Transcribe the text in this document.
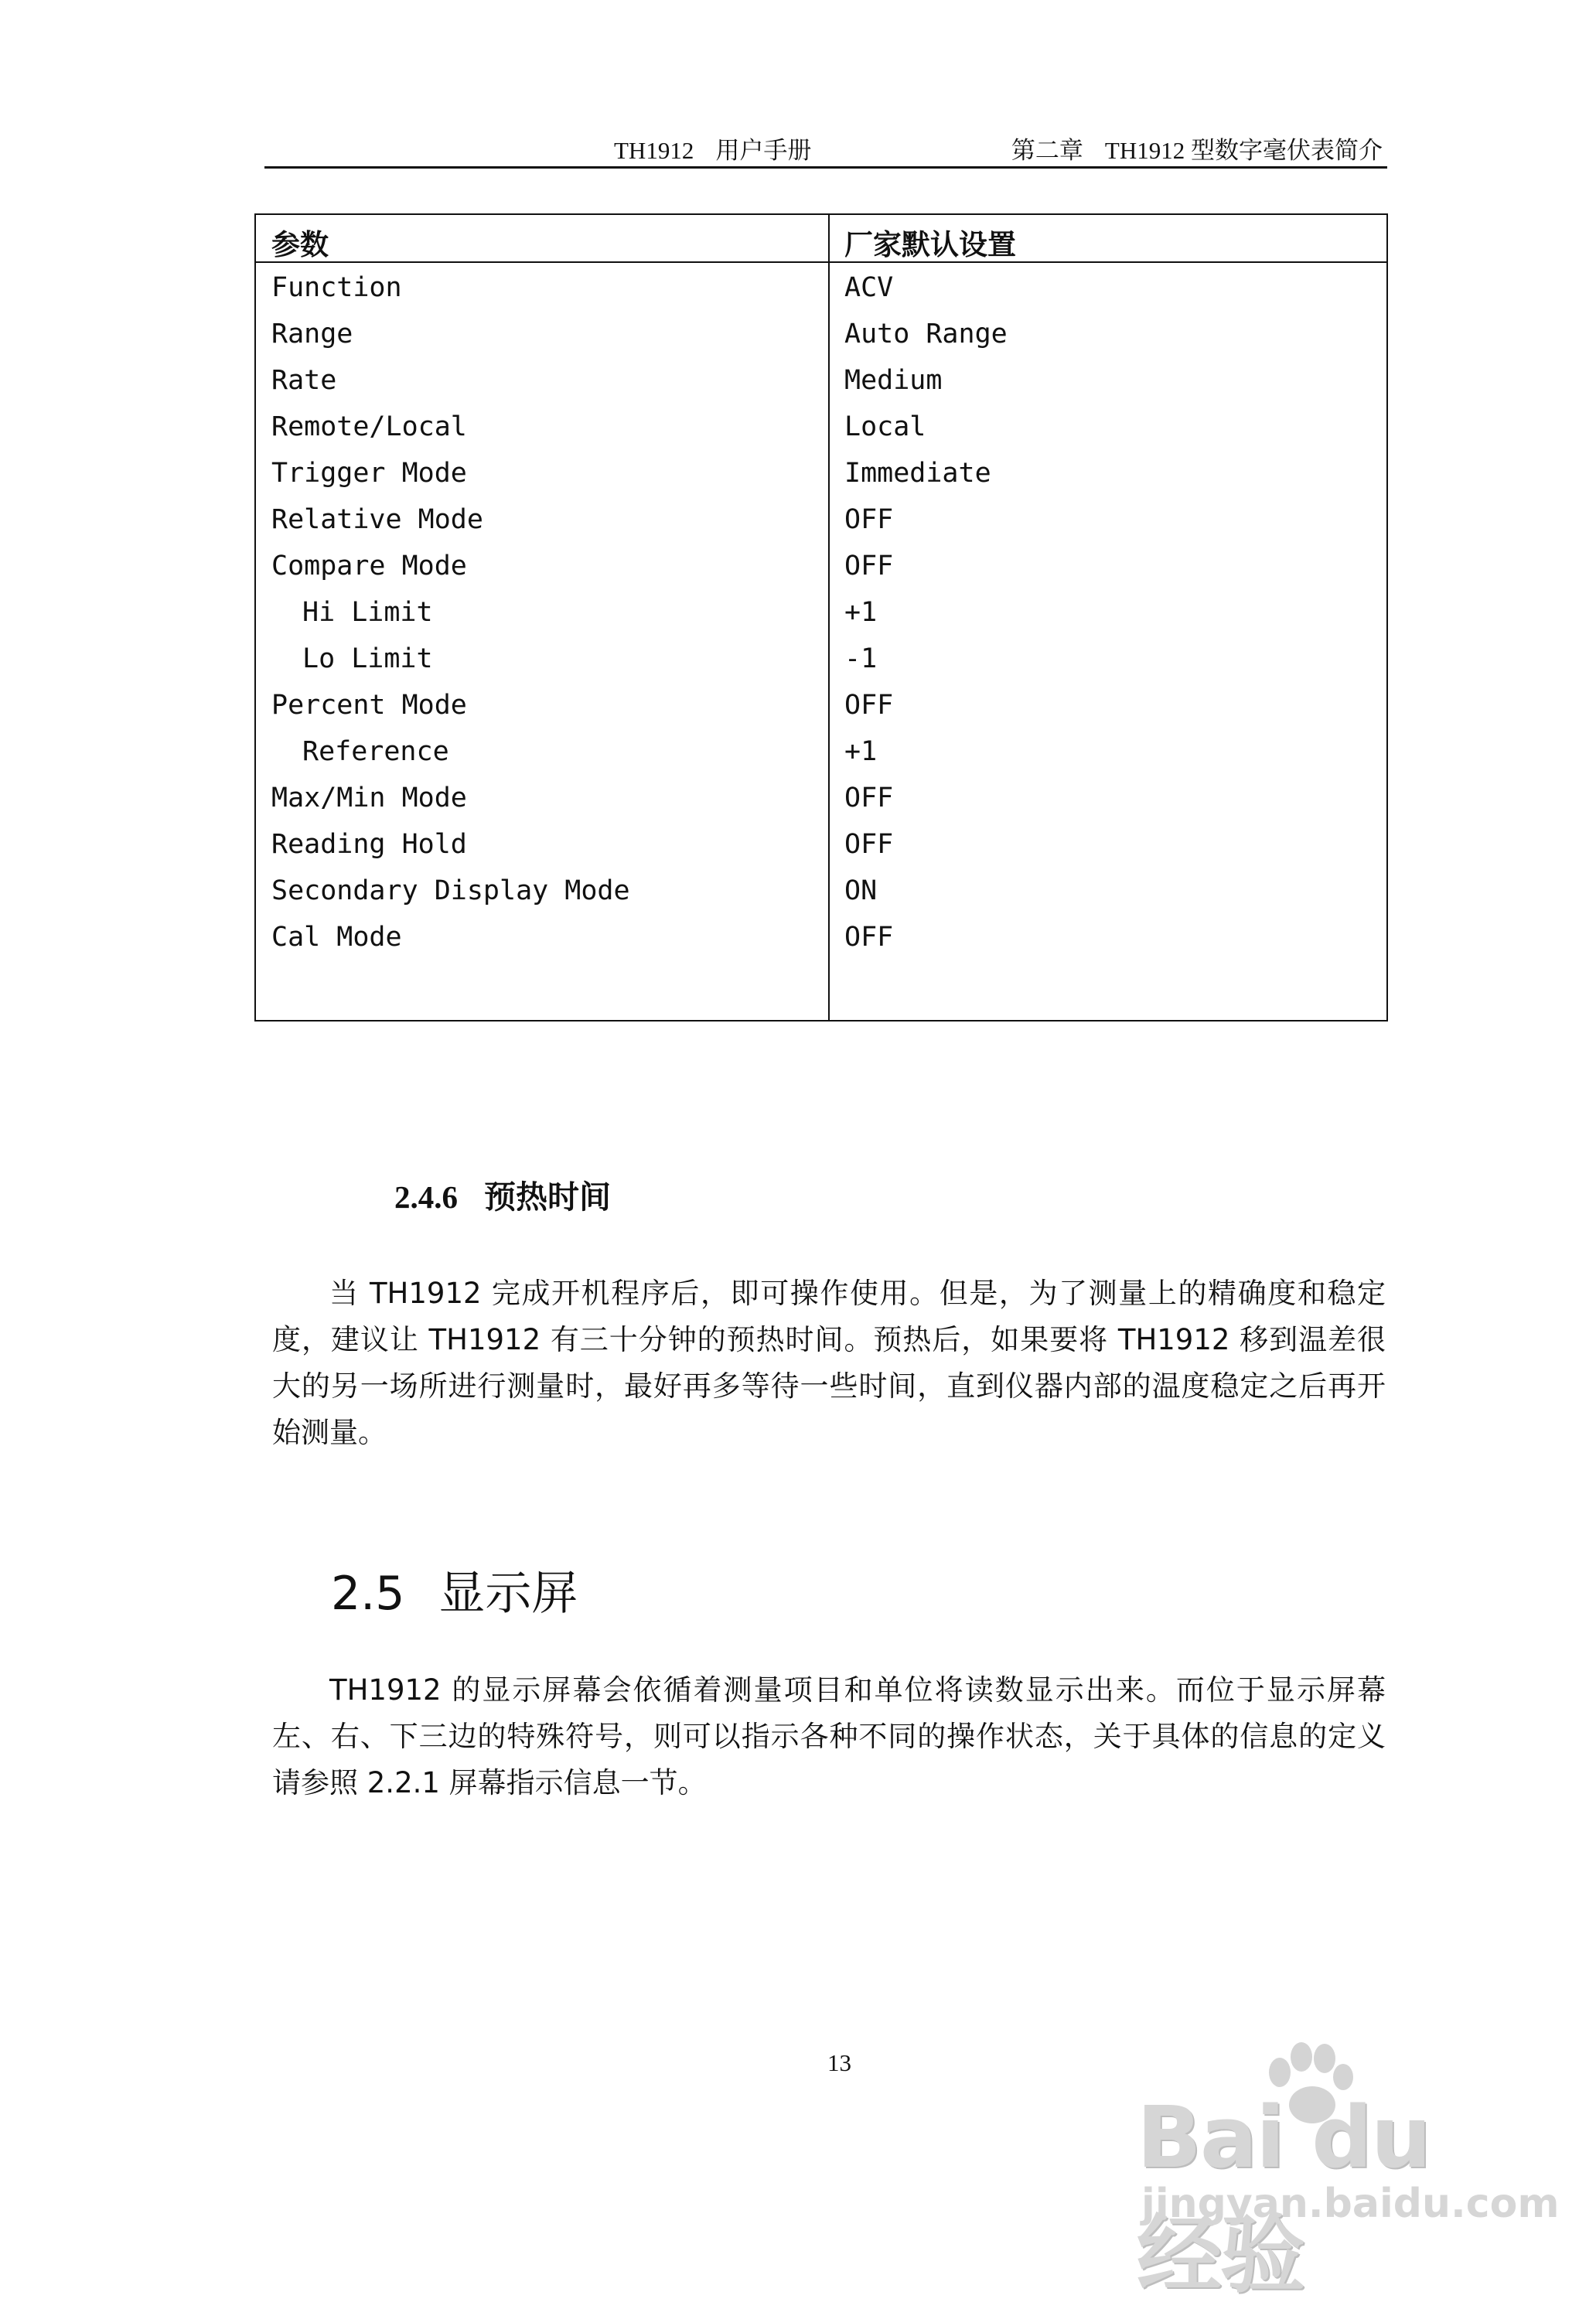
TH1912 用户手册	第二章 TH1912 型数字毫伏表简介
参数	厂家默认设置
Function	ACV
Range	Auto Range
Rate	Medium
Remote/Local	Local
Trigger Mode	Immediate
Relative Mode	OFF
Compare Mode	OFF
Hi Limit	+1
Lo Limit	-1
Percent Mode	OFF
Reference	+1
Max/Min Mode	OFF
Reading Hold	OFF
Secondary Display Mode	ON
Cal Mode	OFF
2.4.6 预热时间

当 TH1912 完成开机程序后，即可操作使用。但是，为了测量上的精确度和稳定度，建议让 TH1912 有三十分钟的预热时间。预热后，如果要将 TH1912 移到温差很大的另一场所进行测量时，最好再多等待一些时间，直到仪器内部的温度稳定之后再开始测量。

2.5 显示屏

TH1912 的显示屏幕会依循着测量项目和单位将读数显示出来。而位于显示屏幕左、右、下三边的特殊符号，则可以指示各种不同的操作状态，关于具体的信息的定义请参照 2.2.1 屏幕指示信息一节。

13
Bai du 经验
jingyan.baidu.com
